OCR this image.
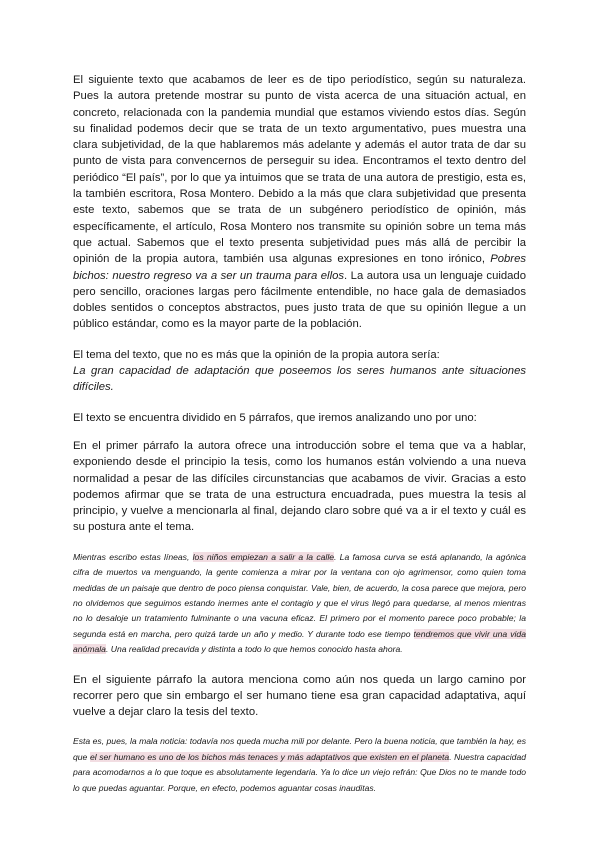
El siguiente texto que acabamos de leer es de tipo periodístico, según su naturaleza. Pues la autora pretende mostrar su punto de vista acerca de una situación actual, en concreto, relacionada con la pandemia mundial que estamos viviendo estos días. Según su finalidad podemos decir que se trata de un texto argumentativo, pues muestra una clara subjetividad, de la que hablaremos más adelante y además el autor trata de dar su punto de vista para convencernos de perseguir su idea. Encontramos el texto dentro del periódico “El país”, por lo que ya intuimos que se trata de una autora de prestigio, esta es, la también escritora, Rosa Montero. Debido a la más que clara subjetividad que presenta este texto, sabemos que se trata de un subgénero periodístico de opinión, más específicamente, el artículo, Rosa Montero nos transmite su opinión sobre un tema más que actual. Sabemos que el texto presenta subjetividad pues más allá de percibir la opinión de la propia autora, también usa algunas expresiones en tono irónico, Pobres bichos: nuestro regreso va a ser un trauma para ellos. La autora usa un lenguaje cuidado pero sencillo, oraciones largas pero fácilmente entendible, no hace gala de demasiados dobles sentidos o conceptos abstractos, pues justo trata de que su opinión llegue a un público estándar, como es la mayor parte de la población.

El tema del texto, que no es más que la opinión de la propia autora sería:
La gran capacidad de adaptación que poseemos los seres humanos ante situaciones difíciles.

El texto se encuentra dividido en 5 párrafos, que iremos analizando uno por uno:

En el primer párrafo la autora ofrece una introducción sobre el tema que va a hablar, exponiendo desde el principio la tesis, como los humanos están volviendo a una nueva normalidad a pesar de las difíciles circunstancias que acabamos de vivir. Gracias a esto podemos afirmar que se trata de una estructura encuadrada, pues muestra la tesis al principio, y vuelve a mencionarla al final, dejando claro sobre qué va a ir el texto y cuál es su postura ante el tema.

Mientras escribo estas líneas, los niños empiezan a salir a la calle. La famosa curva se está aplanando, la agónica cifra de muertos va menguando, la gente comienza a mirar por la ventana con ojo agrimensor, como quien toma medidas de un paisaje que dentro de poco piensa conquistar. Vale, bien, de acuerdo, la cosa parece que mejora, pero no olvidemos que seguimos estando inermes ante el contagio y que el virus llegó para quedarse, al menos mientras no lo desaloje un tratamiento fulminante o una vacuna eficaz. El primero por el momento parece poco probable; la segunda está en marcha, pero quizá tarde un año y medio. Y durante todo ese tiempo tendremos que vivir una vida anómala. Una realidad precavida y distinta a todo lo que hemos conocido hasta ahora.

En el siguiente párrafo la autora menciona como aún nos queda un largo camino por recorrer pero que sin embargo el ser humano tiene esa gran capacidad adaptativa, aquí vuelve a dejar claro la tesis del texto.

Esta es, pues, la mala noticia: todavía nos queda mucha mili por delante. Pero la buena noticia, que también la hay, es que el ser humano es uno de los bichos más tenaces y más adaptativos que existen en el planeta. Nuestra capacidad para acomodarnos a lo que toque es absolutamente legendaria. Ya lo dice un viejo refrán: Que Dios no te mande todo lo que puedas aguantar. Porque, en efecto, podemos aguantar cosas inauditas.
